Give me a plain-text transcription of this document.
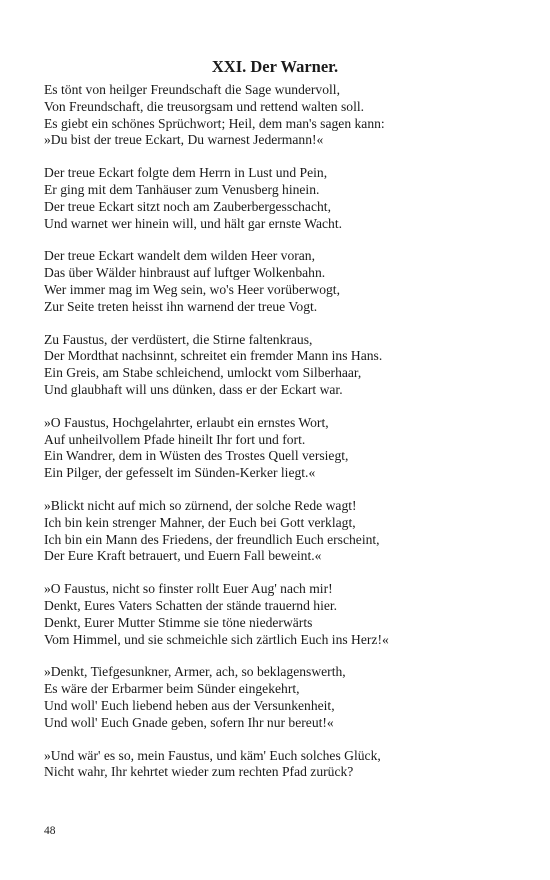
XXI. Der Warner.
Es tönt von heilger Freundschaft die Sage wundervoll,
Von Freundschaft, die treusorgsam und rettend walten soll.
Es giebt ein schönes Sprüchwort; Heil, dem man's sagen kann:
»Du bist der treue Eckart, Du warnest Jedermann!«
Der treue Eckart folgte dem Herrn in Lust und Pein,
Er ging mit dem Tanhäuser zum Venusberg hinein.
Der treue Eckart sitzt noch am Zauberbergesschacht,
Und warnet wer hinein will, und hält gar ernste Wacht.
Der treue Eckart wandelt dem wilden Heer voran,
Das über Wälder hinbraust auf luftger Wolkenbahn.
Wer immer mag im Weg sein, wo's Heer vorüberwogt,
Zur Seite treten heisst ihn warnend der treue Vogt.
Zu Faustus, der verdüstert, die Stirne faltenkraus,
Der Mordthat nachsinnt, schreitet ein fremder Mann ins Hans.
Ein Greis, am Stabe schleichend, umlockt vom Silberhaar,
Und glaubhaft will uns dünken, dass er der Eckart war.
»O Faustus, Hochgelahrter, erlaubt ein ernstes Wort,
Auf unheilvollem Pfade hineilt Ihr fort und fort.
Ein Wandrer, dem in Wüsten des Trostes Quell versiegt,
Ein Pilger, der gefesselt im Sünden-Kerker liegt.«
»Blickt nicht auf mich so zürnend, der solche Rede wagt!
Ich bin kein strenger Mahner, der Euch bei Gott verklagt,
Ich bin ein Mann des Friedens, der freundlich Euch erscheint,
Der Eure Kraft betrauert, und Euern Fall beweint.«
»O Faustus, nicht so finster rollt Euer Aug' nach mir!
Denkt, Eures Vaters Schatten der stände trauernd hier.
Denkt, Eurer Mutter Stimme sie töne niederwärts
Vom Himmel, und sie schmeichle sich zärtlich Euch ins Herz!«
»Denkt, Tiefgesunkner, Armer, ach, so beklagenswerth,
Es wäre der Erbarmer beim Sünder eingekehrt,
Und woll' Euch liebend heben aus der Versunkenheit,
Und woll' Euch Gnade geben, sofern Ihr nur bereut!«
»Und wär' es so, mein Faustus, und käm' Euch solches Glück,
Nicht wahr, Ihr kehrtet wieder zum rechten Pfad zurück?
48
